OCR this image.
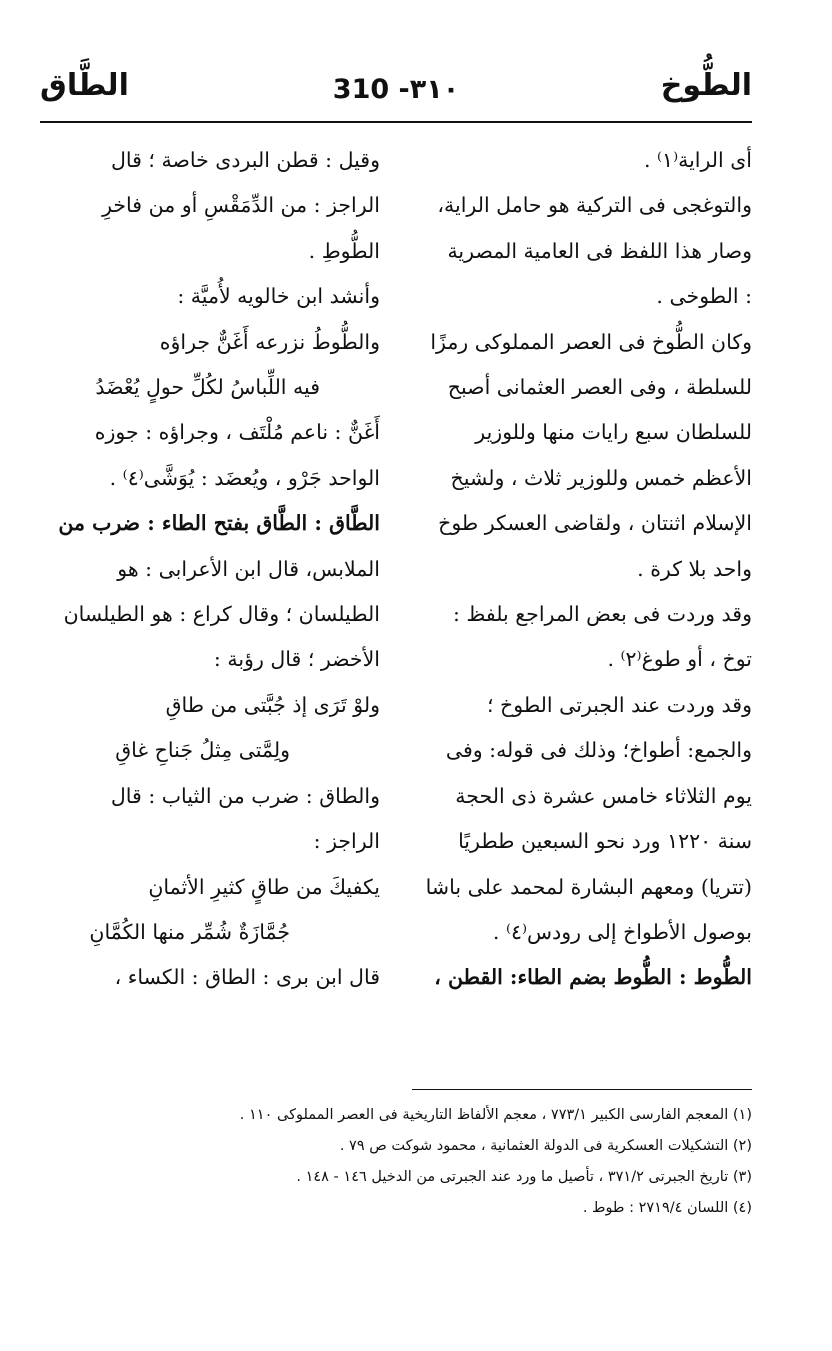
الطُّوخ
310 -٣١٠
الطَّاق
أى الراية⁽١⁾ .
والتوغجى فى التركية هو حامل الراية،
وصار هذا اللفظ فى العامية المصرية
: الطوخى .
وكان الطُّوخ فى العصر المملوكى رمزًا
للسلطة ، وفى العصر العثمانى أصبح
للسلطان سبع رايات منها وللوزير
الأعظم خمس وللوزير ثلاث ، ولشيخ
الإسلام اثنتان ، ولقاضى العسكر طوخ
واحد بلا كرة .
وقد وردت فى بعض المراجع بلفظ :
توخ ، أو طوغ⁽٢⁾ .
وقد وردت عند الجبرتى الطوخ ؛
والجمع: أطواخ؛ وذلك فى قوله: وفى
يوم الثلاثاء خامس عشرة ذى الحجة
سنة ١٢٢٠ ورد نحو السبعين ططريًا
(تتريا) ومعهم البشارة لمحمد على باشا
بوصول الأطواخ إلى رودس⁽٤⁾ .
الطُّوط : الطُّوط بضم الطاء: القطن ،
وقيل : قطن البردى خاصة ؛ قال
الراجز : من الدِّمَقْسِ أو من فاخرِ
الطُّوطِ .
وأنشد ابن خالويه لأُميَّة :
والطُّوطُ نزرعه أَغَنٌّ جراؤه
فيه اللِّباسُ لكُلِّ حولٍ يُعْضَدُ
أَغَنٌّ : ناعم مُلْتَف ، وجراؤه : جوزه
الواحد جَرْو ، ويُعضَد : يُوَشَّى⁽٤⁾ .
الطَّاق : الطَّاق بفتح الطاء : ضرب من
الملابس، قال ابن الأعرابى : هو
الطيلسان ؛ وقال كراع : هو الطيلسان
الأخضر ؛ قال رؤبة :
ولوْ تَرَى إذ جُبَّتى من طاقِ
ولِمَّتى مِثلُ جَناحِ غاقِ
والطاق : ضرب من الثياب : قال
الراجز :
يكفيكَ من طاقٍ كثيرِ الأثمانِ
جُمَّازَةٌ شُمِّر منها الكُمَّانِ
قال ابن برى : الطاق : الكساء ،
(١) المعجم الفارسى الكبير ٧٧٣/١ ، معجم الألفاظ التاريخية فى العصر المملوكى ١١٠ .
(٢) التشكيلات العسكرية فى الدولة العثمانية ، محمود شوكت ص ٧٩ .
(٣) تاريخ الجبرتى ٣٧١/٢ ، تأصيل ما ورد عند الجبرتى من الدخيل ١٤٦ - ١٤٨ .
(٤) اللسان ٢٧١٩/٤ : طوط .
